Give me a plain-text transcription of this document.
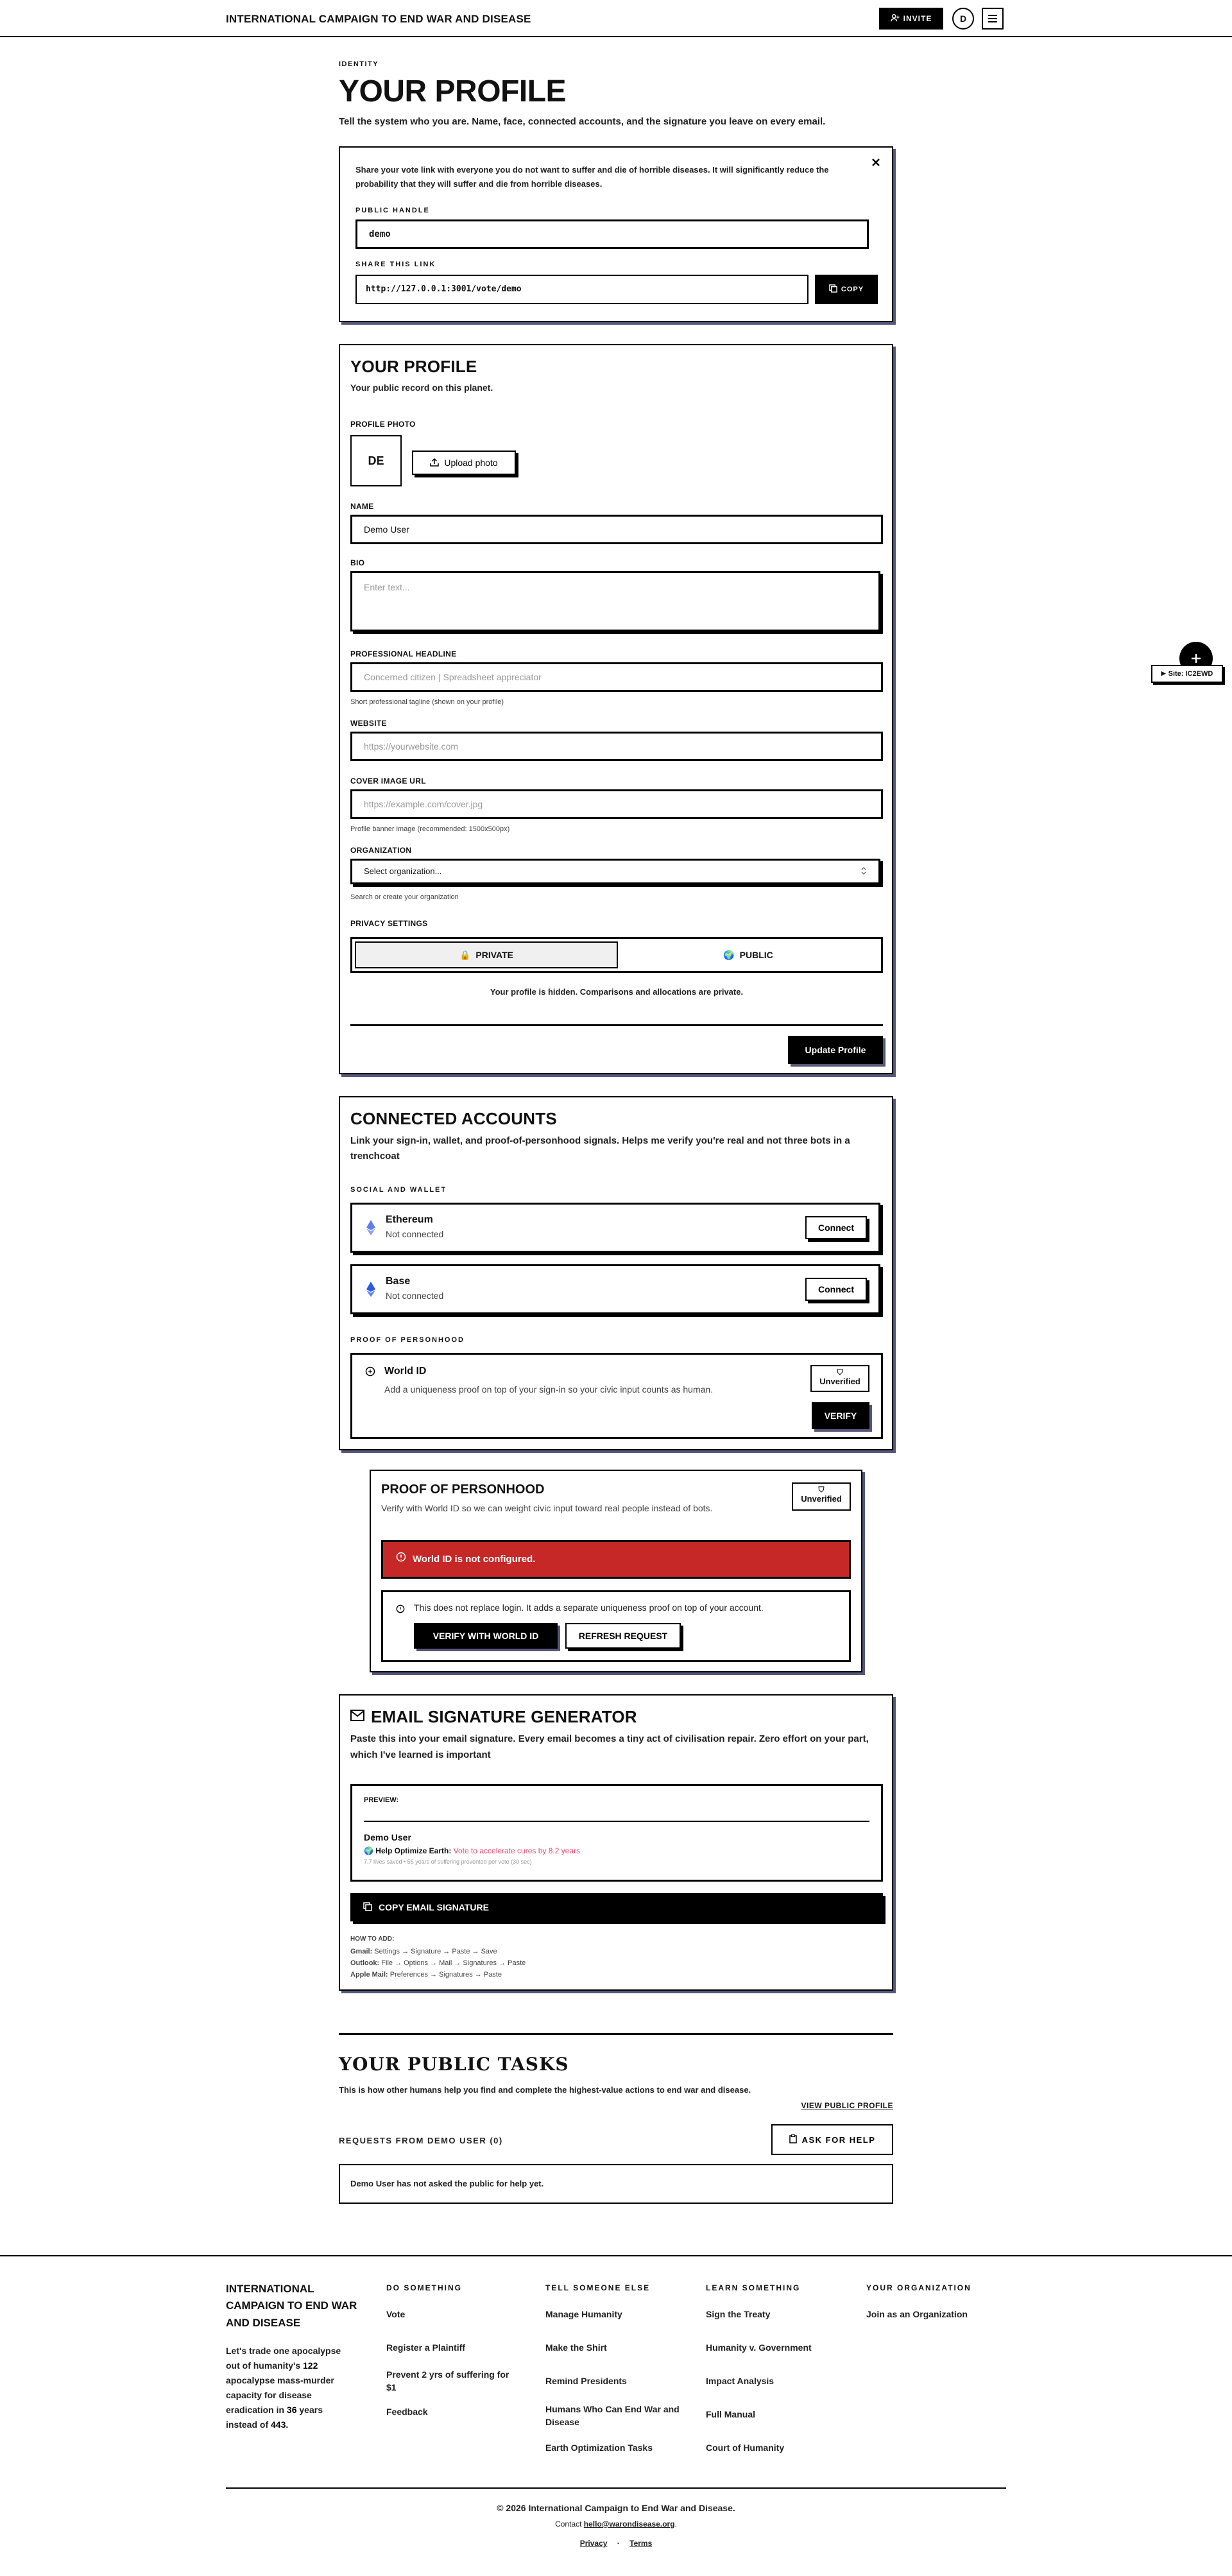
INTERNATIONAL CAMPAIGN TO END WAR AND DISEASE	INVITE	D
IDENTITY
YOUR PROFILE
Tell the system who you are. Name, face, connected accounts, and the signature you leave on every email.
Share your vote link with everyone you do not want to suffer and die of horrible diseases. It will significantly reduce the probability that they will suffer and die from horrible diseases.
PUBLIC HANDLE
demo
SHARE THIS LINK
http://127.0.0.1:3001/vote/demo	COPY
YOUR PROFILE
Your public record on this planet.
PROFILE PHOTO
DE	Upload photo
NAME
Demo User
BIO
Enter text...
PROFESSIONAL HEADLINE
Concerned citizen | Spreadsheet appreciator
Short professional tagline (shown on your profile)
WEBSITE
https://yourwebsite.com
COVER IMAGE URL
https://example.com/cover.jpg
Profile banner image (recommended: 1500x500px)
ORGANIZATION
Select organization...
Search or create your organization
PRIVACY SETTINGS
🔒 PRIVATE	🌍 PUBLIC
Your profile is hidden. Comparisons and allocations are private.
Update Profile
CONNECTED ACCOUNTS
Link your sign-in, wallet, and proof-of-personhood signals. Helps me verify you're real and not three bots in a trenchcoat
SOCIAL AND WALLET
Ethereum
Not connected
Connect
Base
Not connected
Connect
PROOF OF PERSONHOOD
World ID
Add a uniqueness proof on top of your sign-in so your civic input counts as human.
⛉
Unverified
VERIFY
PROOF OF PERSONHOOD
Verify with World ID so we can weight civic input toward real people instead of bots.
⛉
Unverified
World ID is not configured.
This does not replace login. It adds a separate uniqueness proof on top of your account.
VERIFY WITH WORLD ID	REFRESH REQUEST
EMAIL SIGNATURE GENERATOR
Paste this into your email signature. Every email becomes a tiny act of civilisation repair. Zero effort on your part, which I've learned is important
PREVIEW:
Demo User
🌍 Help Optimize Earth: Vote to accelerate cures by 8.2 years
7.7 lives saved • 55 years of suffering prevented per vote (30 sec)
COPY EMAIL SIGNATURE
HOW TO ADD:
Gmail: Settings → Signature → Paste → Save
Outlook: File → Options → Mail → Signatures → Paste
Apple Mail: Preferences → Signatures → Paste
YOUR PUBLIC TASKS
This is how other humans help you find and complete the highest-value actions to end war and disease.
VIEW PUBLIC PROFILE
REQUESTS FROM DEMO USER (0)	ASK FOR HELP
Demo User has not asked the public for help yet.
▶ Site: IC2EWD
INTERNATIONAL CAMPAIGN TO END WAR AND DISEASE
Let's trade one apocalypse out of humanity's 122 apocalypse mass-murder capacity for disease eradication in 36 years instead of 443.
DO SOMETHING
Vote
Register a Plaintiff
Prevent 2 yrs of suffering for $1
Feedback
TELL SOMEONE ELSE
Manage Humanity
Make the Shirt
Remind Presidents
Humans Who Can End War and Disease
Earth Optimization Tasks
LEARN SOMETHING
Sign the Treaty
Humanity v. Government
Impact Analysis
Full Manual
Court of Humanity
YOUR ORGANIZATION
Join as an Organization
© 2026 International Campaign to End War and Disease.
Contact hello@warondisease.org.
Privacy · Terms
